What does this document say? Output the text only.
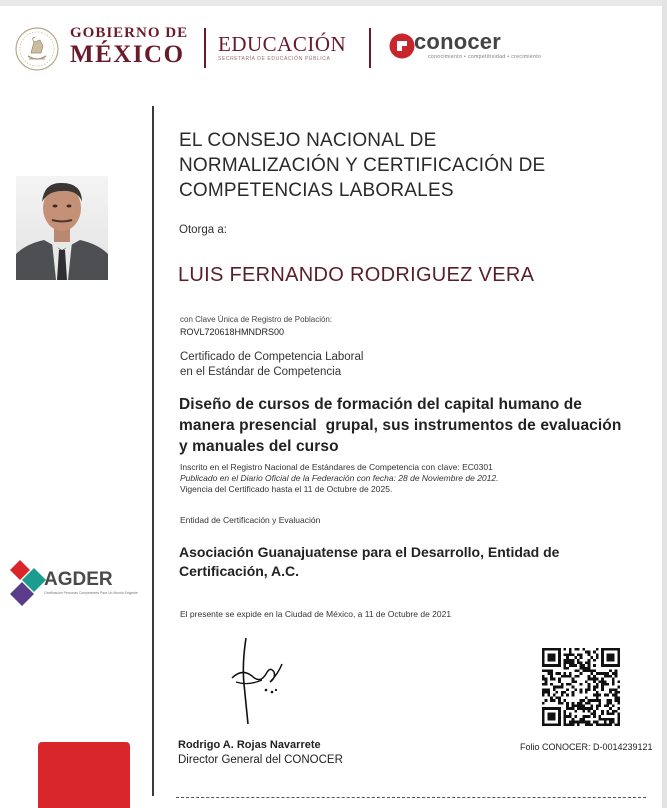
GOBIERNO DE
MÉXICO EDUCACIÓN
SECRETARÍA DE EDUCACIÓN PÚBLICA
conocer
conocimiento • competitividad • crecimiento
AGDER
Certificación Personas Competentes Para Un Mundo Exigente
EL CONSEJO NACIONAL DE
NORMALIZACIÓN Y CERTIFICACIÓN DE
COMPETENCIAS LABORALES
Otorga a:
LUIS FERNANDO RODRIGUEZ VERA
con Clave Única de Registro de Población:
ROVL720618HMNDRS00
Certificado de Competencia Laboral
en el Estándar de Competencia
Diseño de cursos de formación del capital humano de
manera presencial  grupal, sus instrumentos de evaluación
y manuales del curso
Inscrito en el Registro Nacional de Estándares de Competencia con clave: EC0301
Publicado en el Diario Oficial de la Federación con fecha: 28 de Noviembre de 2012.
Vigencia del Certificado hasta el 11 de Octubre de 2025.
Entidad de Certificación y Evaluación
Asociación Guanajuatense para el Desarrollo, Entidad de
Certificación, A.C.
El presente se expide en la Ciudad de México, a 11 de Octubre de 2021
Rodrigo A. Rojas Navarrete
Director General del CONOCER
Folio CONOCER: D-0014239121
